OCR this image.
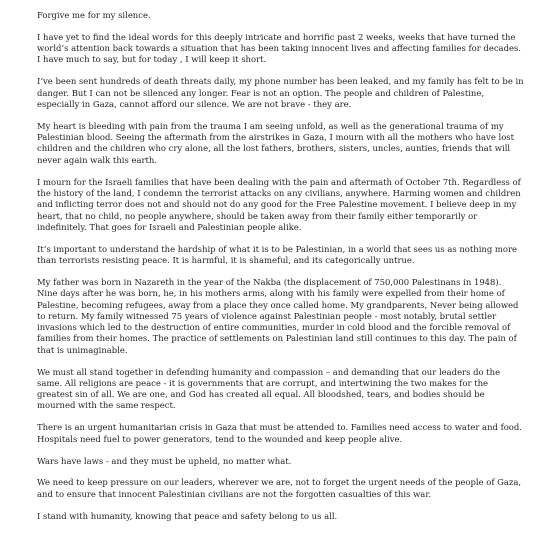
Forgive me for my silence.

I have yet to find the ideal words for this deeply intricate and horrific past 2 weeks, weeks that have turned the world’s attention back towards a situation that has been taking innocent lives and affecting families for decades. I have much to say, but for today , I will keep it short.

I’ve been sent hundreds of death threats daily, my phone number has been leaked, and my family has felt to be in danger. But I can not be silenced any longer. Fear is not an option. The people and children of Palestine, especially in Gaza, cannot afford our silence. We are not brave - they are.

My heart is bleeding with pain from the trauma I am seeing unfold, as well as the generational trauma of my Palestinian blood. Seeing the aftermath from the airstrikes in Gaza, I mourn with all the mothers who have lost children and the children who cry alone, all the lost fathers, brothers, sisters, uncles, aunties, friends that will never again walk this earth.

I mourn for the Israeli families that have been dealing with the pain and aftermath of October 7th. Regardless of the history of the land, I condemn the terrorist attacks on any civilians, anywhere. Harming women and children and inflicting terror does not and should not do any good for the Free Palestine movement. I believe deep in my heart, that no child, no people anywhere, should be taken away from their family either temporarily or indefinitely. That goes for Israeli and Palestinian people alike.

It’s important to understand the hardship of what it is to be Palestinian, in a world that sees us as nothing more than terrorists resisting peace. It is harmful, it is shameful, and its categorically untrue.

My father was born in Nazareth in the year of the Nakba (the displacement of 750,000 Palestinans in 1948). Nine days after he was born, he, in his mothers arms, along with his family were expelled from their home of Palestine, becoming refugees, away from a place they once called home. My grandparents, Never being allowed to return. My family witnessed 75 years of violence against Palestinian people - most notably, brutal settler invasions which led to the destruction of entire communities, murder in cold blood and the forcible removal of families from their homes. The practice of settlements on Palestinian land still continues to this day. The pain of that is unimaginable.

We must all stand together in defending humanity and compassion – and demanding that our leaders do the same. All religions are peace - it is governments that are corrupt, and intertwining the two makes for the greatest sin of all. We are one, and God has created all equal. All bloodshed, tears, and bodies should be mourned with the same respect.

There is an urgent humanitarian crisis in Gaza that must be attended to. Families need access to water and food. Hospitals need fuel to power generators, tend to the wounded and keep people alive.

Wars have laws - and they must be upheld, no matter what.

We need to keep pressure on our leaders, wherever we are, not to forget the urgent needs of the people of Gaza, and to ensure that innocent Palestinian civilians are not the forgotten casualties of this war.

I stand with humanity, knowing that peace and safety belong to us all.
